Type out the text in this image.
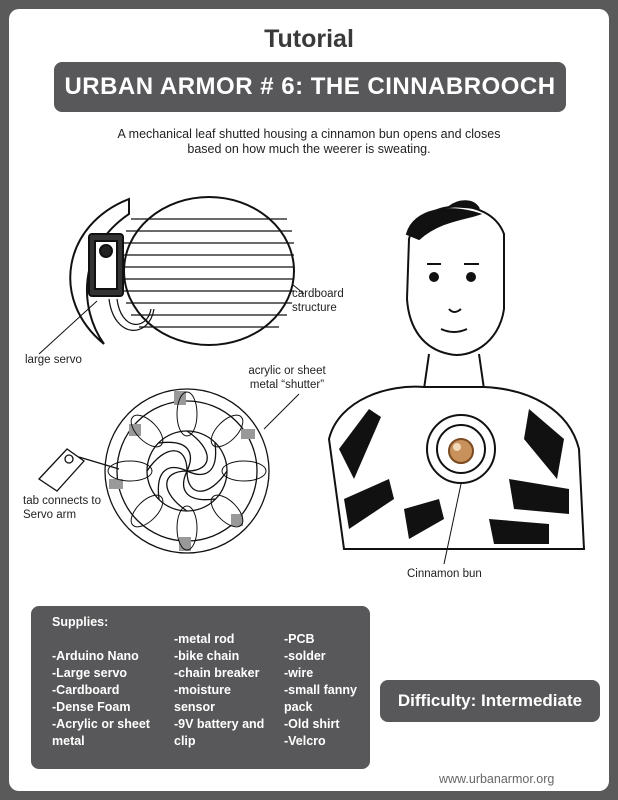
Tutorial
URBAN ARMOR # 6: THE CINNABROOCH
A mechanical leaf shutted housing a cinnamon bun opens and closes based on how much the weerer is sweating.
cardboard structure
large servo
acrylic or sheet metal “shutter”
tab connects to Servo arm
Cinnamon bun
Supplies:

-Arduino Nano
-Large servo
-Cardboard
-Dense Foam
-Acrylic or sheet metal
-metal rod
-bike chain
-chain breaker
-moisture sensor
-9V battery and clip
-PCB
-solder
-wire
-small fanny pack
-Old shirt
-Velcro
Difficulty: Intermediate
www.urbanarmor.org
